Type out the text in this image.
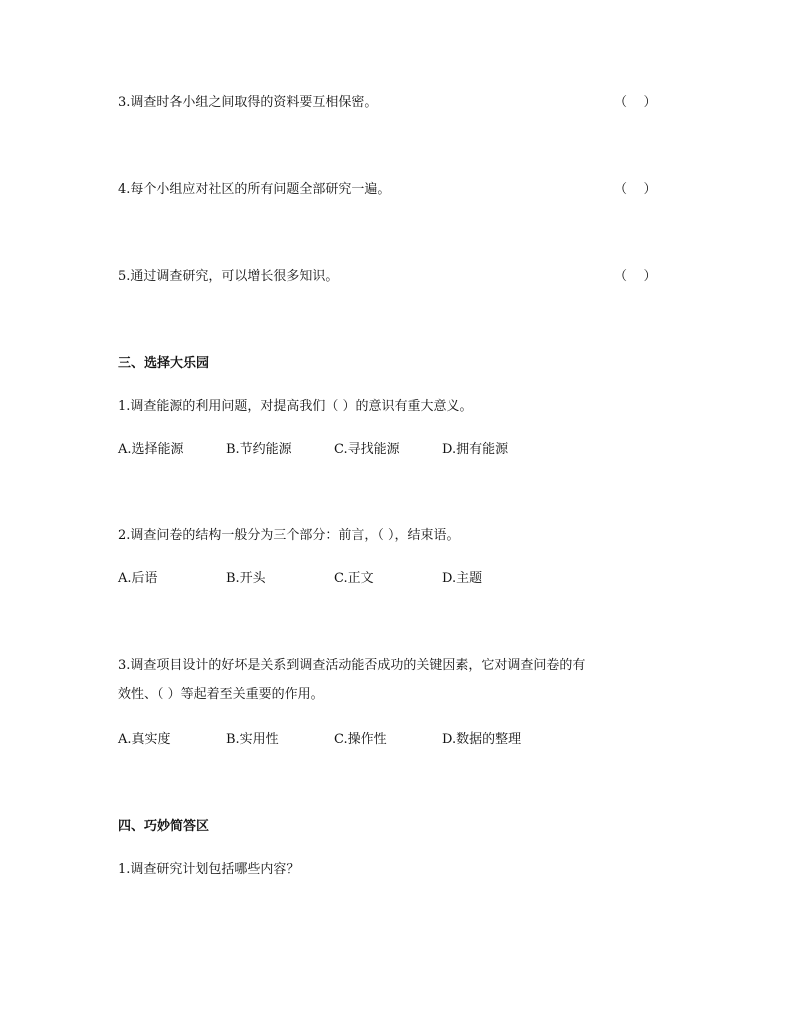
3.调查时各小组之间取得的资料要互相保密。	（    ）
4.每个小组应对社区的所有问题全部研究一遍。	（    ）
5.通过调查研究，可以增长很多知识。	（    ）
三、选择大乐园
1.调查能源的利用问题，对提高我们（ ）的意识有重大意义。
A.选择能源	B.节约能源	C.寻找能源	D.拥有能源
2.调查问卷的结构一般分为三个部分：前言，（ ），结束语。
A.后语	B.开头	C.正文	D.主题
3.调查项目设计的好坏是关系到调查活动能否成功的关键因素，它对调查问卷的有
效性、（ ）等起着至关重要的作用。
A.真实度	B.实用性	C.操作性	D.数据的整理
四、巧妙简答区
1.调查研究计划包括哪些内容？
